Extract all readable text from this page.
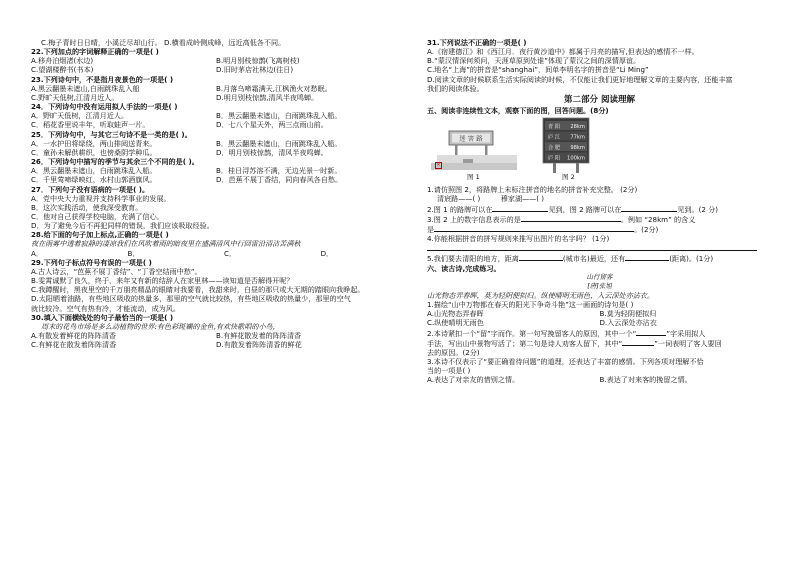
C.梅子青时日日晴，小溪泛尽却山行。 D.横看成岭侧成峰，远近高低各不同。
22.下列加点的字词解释正确的一项是( )
A.移舟泊烟渚(水边)	B.明月别枝惊鹊(飞离树枝)
C.望湖楼醉书(书本)	D.旧时茅店社林边(往日)
23.下列诗句中，不是指月夜景色的一项是( )
A.黑云翻墨未遮山,白雨跳珠乱入船	B.月落乌啼霜满天,江枫渔火对愁眠。
C.野旷天低树,江清月近人。	D.明月别枝惊鹊,清风半夜鸣蝉。
24．下列诗句中没有运用拟人手法的一项是( )
A．野旷天低树，江清月近人。	B．黑云翻墨未遮山，白雨跳珠乱入船。
C．稻花香里说丰年，听取蛙声一片。	D．七八个星天外，两三点雨山前。
25．下列诗句中，与其它三句诗不是一类的是( )。
A．一水护田将绿绕，两山排闼送青来。	B．黑云翻墨未遮山，白雨跳珠乱入船。
C．童孙未解供耕织，也傍桑阴学种瓜。	D．明月别枝惊鹊，清风半夜鸣蝉。
26．下列诗句中描写的季节与其余三个不同的是( )。
A．黑云翻墨未遮山，白雨跳珠乱入船。	B．桂日浔苏溶不满，无边光景一时新。
C．千里莺啼绿映红，水村山郭酒旗风。	D．芭蕉不展丁香结，同向春风各自愁。
27．下列句子没有语病的一项是( )。
A．党中央大力重视并支持科学事业的发展。
B．这次实践活动，使我深受教育。
C．他对自己获得学校电脑，充满了信心。
D．为了避免今后不再犯同样的错误，我们应该吸取经验。
28.给下面的句子加上标点,正确的一项是( )
夜在雨雾中透着寂静的凄凉我们在风吹着雨的暗夜里在盛满清风中行回雷沿清洁苦满秋
A．	B．	C．	D．
29.下列句子标点符号有误的一项是( )
A.古人诗云，“芭蕉不展丁香结”、“丁香空结雨中愁”。
B.雯霄诚默了良久，终于，来年又有新的结辞人在家里林——读知道是否解得开呢？
C.我蹲醒时，黑夜里空的千万朋亮精晶的眼睛对我要看，我甜来时，白昼的那只或大无期的踏眼向我睁起。
D.太阳晒着油路，有些地区吸收的热量多，那里的空气就比较热，有些地区吸收的热量少，那里的空气
就比较冷。空气有热有冷，才能流动，成为风。
30.填入下面横线处的句子最恰当的一项是( )
周末的花鸟市场是多么动植物的世界:有色彩斑斓的金鱼,有欢快歌唱的小鸟,
A.有散发着鲜花的阵阵清香	B.有鲜花散发着的阵阵清香
C.有鲜花在散发着阵阵清香	D.有散发着阵阵清香的鲜花
31.下列说法不正确的一项是( )
A.《宿建德江》和《西江月．夜行黄沙道中》都属于月亮的描写,但表达的感情不一样。
B.“蒙汉情深何须问，天涯草原到处谁”体现了蒙汉之间的深情厚谊。
C.地名“上海”的拼音是“shanghai”，间单李明名字的拼音是“Li Ming”
D.阅读文章的时候联系生活实际阅读的时候，不仅能让我们更好地理解文章的主要内容，还能丰富
我们的阅读体验。
第二部分 阅读理解
五、阅读非连续性文本，观察下面的图，回答问题。(8分)
迷 害 路
×
青 阳 28km
庐 江 77km
合 肥 98km
庐 阳 100km
图 1	图 2
1.请仿照图 2，将路牌上未标注拼音的地名的拼音补充完整。 (2分)
清宸路——( )	穆家湖——( )
2.图 1 的路牌可以在	见到，图 2 路牌可以在	见到。(2 分)
3.图 2 上的数字信息表示的是	。例如 “28km” 的含义
是	。(2分)
4.你能根据拼音的拼写规则来推写出图片的名字吗？ (1分)
5.我们要去清阳的地方，距离	(城市名)最近，还有	(距离)。(1分)
六、读古诗,完成练习。
山行留客
[唐]张旭
山光物态弄春晖，莫为轻阴便拟归。纵使晴明无雨色，入云深处亦沾衣。
1.描绘“山中万物都在春天的阳光下争奇斗艳”这一画面的诗句是( )
A.山光物态弄春晖	B.莫为轻阴便拟归
C.纵使晴明无雨色	D.入云深处亦沾衣
2.本诗紧扣一个“留”字而作。第一句写挽留客人的原因，其中一个“	”字采用拟人
手法，写出山中景物写活了；第二句是诗人劝客人留下，其中“	”一词表明了客人要回
去的原因。(2分)
3.本诗不仅表示了“要正确看待问题”的道理，还表达了丰富的感情。下列各项对理解不恰
当的一项是( )
A.表达了对亲友的惜别之情。	B.表达了对来客的挽留之情。
